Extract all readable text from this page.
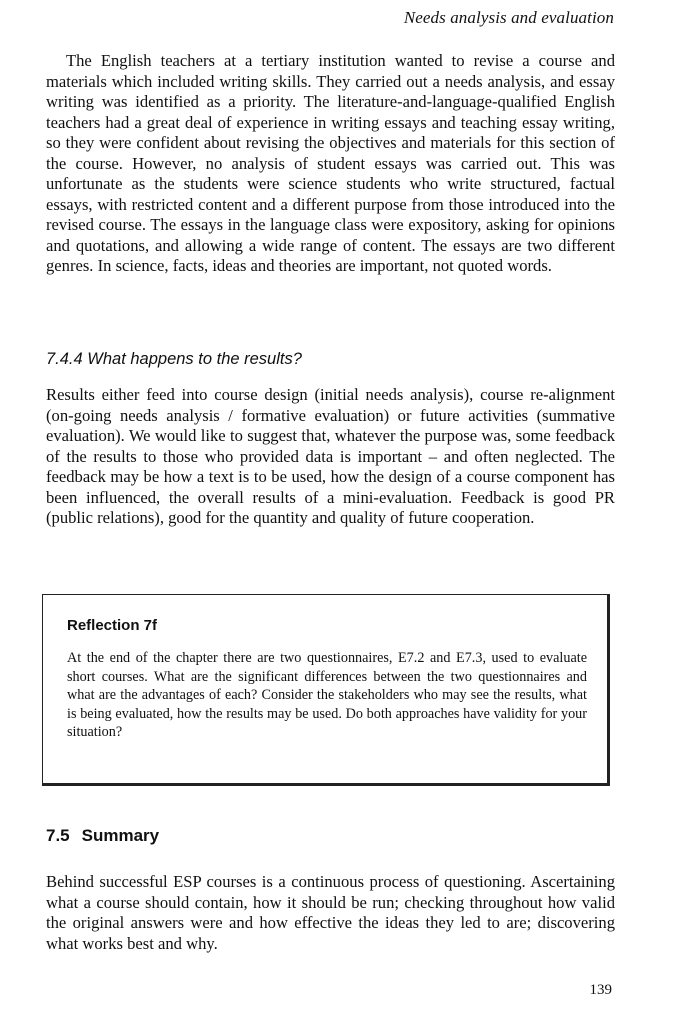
Needs analysis and evaluation

The English teachers at a tertiary institution wanted to revise a course and materials which included writing skills. They carried out a needs analysis, and essay writing was identified as a priority. The literature-and-language-qualified English teachers had a great deal of experience in writing essays and teaching essay writing, so they were confident about revising the objectives and materials for this section of the course. However, no analysis of student essays was carried out. This was unfortunate as the students were science students who write structured, factual essays, with restricted content and a different purpose from those introduced into the revised course. The essays in the language class were expository, asking for opinions and quotations, and allowing a wide range of content. The essays are two different genres. In science, facts, ideas and theories are important, not quoted words.

7.4.4 What happens to the results?

Results either feed into course design (initial needs analysis), course re-alignment (on-going needs analysis / formative evaluation) or future activities (summative evaluation). We would like to suggest that, whatever the purpose was, some feedback of the results to those who provided data is important – and often neglected. The feedback may be how a text is to be used, how the design of a course component has been influenced, the overall results of a mini-evaluation. Feedback is good PR (public relations), good for the quantity and quality of future cooperation.

Reflection 7f

At the end of the chapter there are two questionnaires, E7.2 and E7.3, used to evaluate short courses. What are the significant differences between the two questionnaires and what are the advantages of each? Consider the stakeholders who may see the results, what is being evaluated, how the results may be used. Do both approaches have validity for your situation?

7.5 Summary

Behind successful ESP courses is a continuous process of questioning. Ascertaining what a course should contain, how it should be run; checking throughout how valid the original answers were and how effective the ideas they led to are; discovering what works best and why.

139
